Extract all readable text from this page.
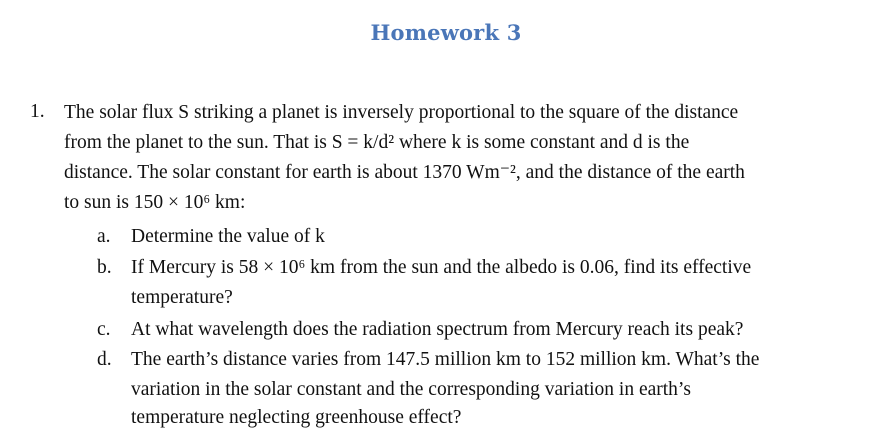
Homework 3
1. The solar flux S striking a planet is inversely proportional to the square of the distance
from the planet to the sun. That is S = k/d² where k is some constant and d is the
distance. The solar constant for earth is about 1370 Wm⁻², and the distance of the earth
to sun is 150 × 10⁶ km:
a. Determine the value of k
b. If Mercury is 58 × 10⁶ km from the sun and the albedo is 0.06, find its effective
temperature?
c. At what wavelength does the radiation spectrum from Mercury reach its peak?
d. The earth’s distance varies from 147.5 million km to 152 million km. What’s the
variation in the solar constant and the corresponding variation in earth’s
temperature neglecting greenhouse effect?
